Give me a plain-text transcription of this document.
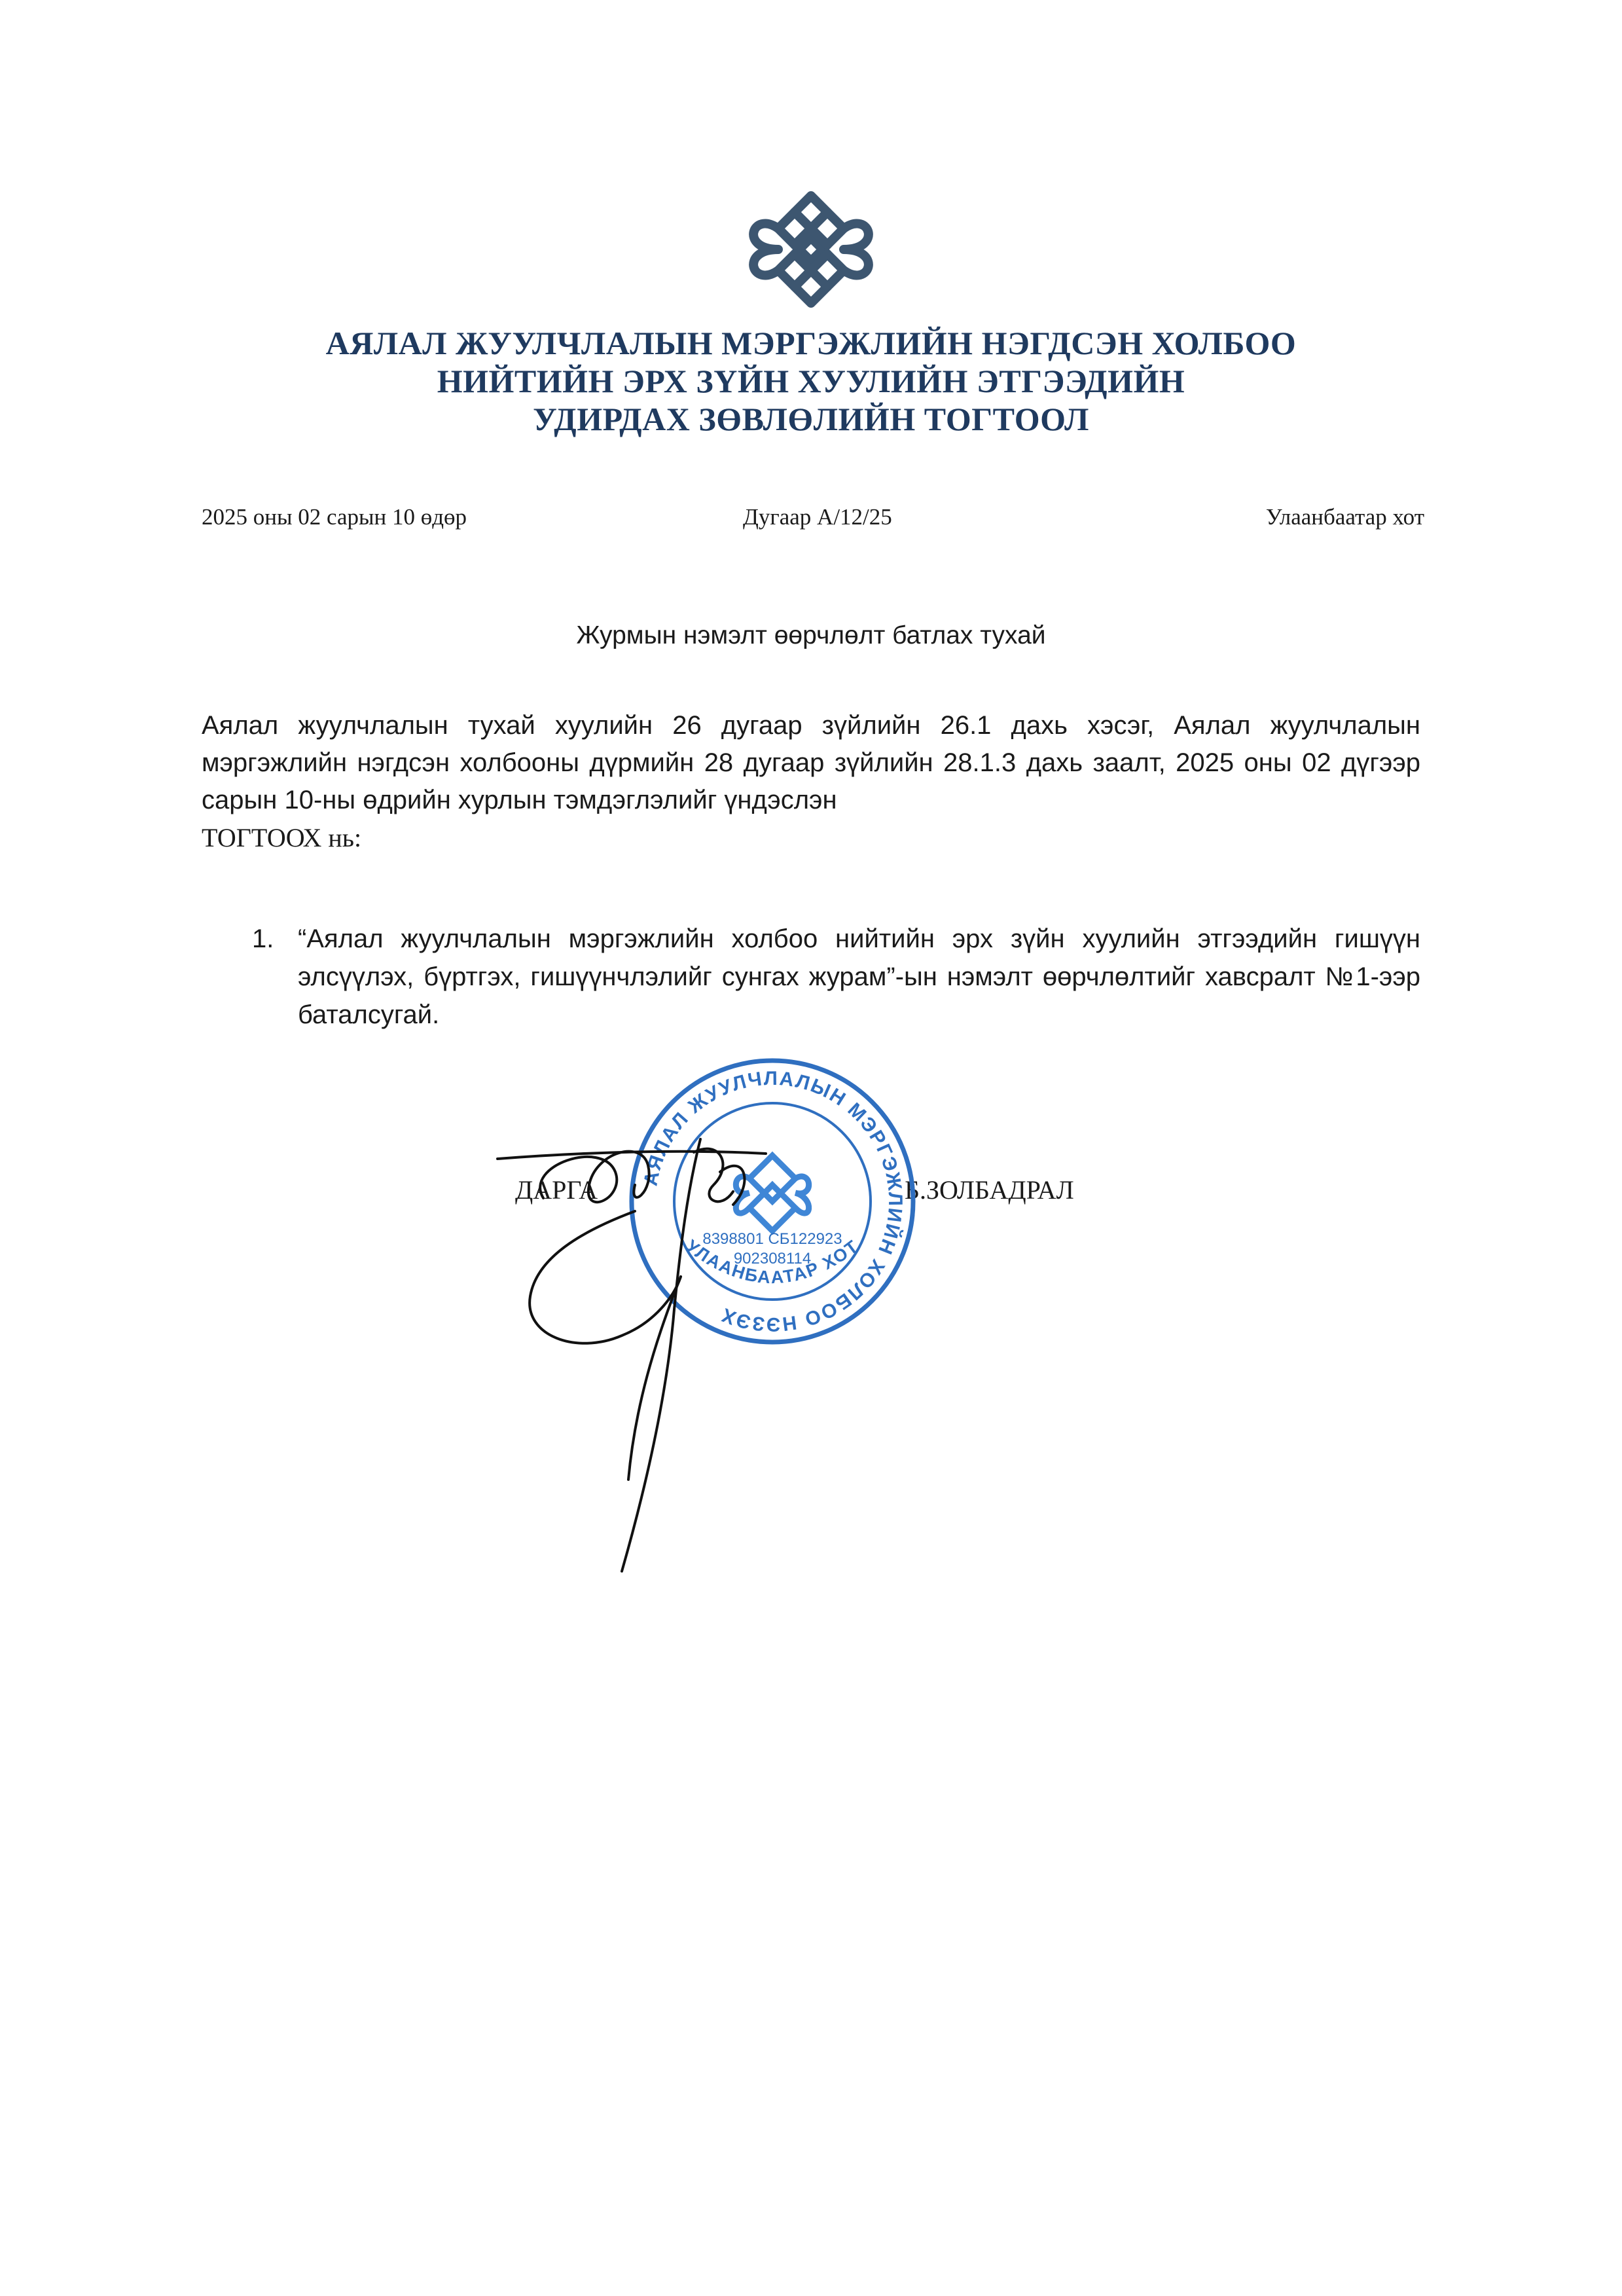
АЯЛАЛ ЖУУЛЧЛАЛЫН МЭРГЭЖЛИЙН НЭГДСЭН ХОЛБОО
НИЙТИЙН ЭРХ ЗҮЙН ХУУЛИЙН ЭТГЭЭДИЙН
УДИРДАХ ЗӨВЛӨЛИЙН ТОГТООЛ
2025 оны 02 сарын 10 өдөр	Дугаар А/12/25	Улаанбаатар хот
Журмын нэмэлт өөрчлөлт батлах тухай
Аялал жуулчлалын тухай хуулийн 26 дугаар зүйлийн 26.1 дахь хэсэг, Аялал жуулчлалын мэргэжлийн нэгдсэн холбооны дүрмийн 28 дугаар зүйлийн 28.1.3 дахь заалт, 2025 оны 02 дүгээр сарын 10-ны өдрийн хурлын тэмдэглэлийг үндэслэн
ТОГТООХ нь:
1. “Аялал жуулчлалын мэргэжлийн холбоо нийтийн эрх зүйн хуулийн этгээдийн гишүүн элсүүлэх, бүртгэх, гишүүнчлэлийг сунгах журам”-ын нэмэлт өөрчлөлтийг хавсралт №1-ээр баталсугай.
ДАРГА	Б.ЗОЛБАДРАЛ
АЯЛАЛ ЖУУЛЧЛАЛЫН МЭРГЭЖЛИЙН ХОЛБОО НЭЗЭХ
8398801 СБ122923
902308114
УЛААНБААТАР ХОТ
